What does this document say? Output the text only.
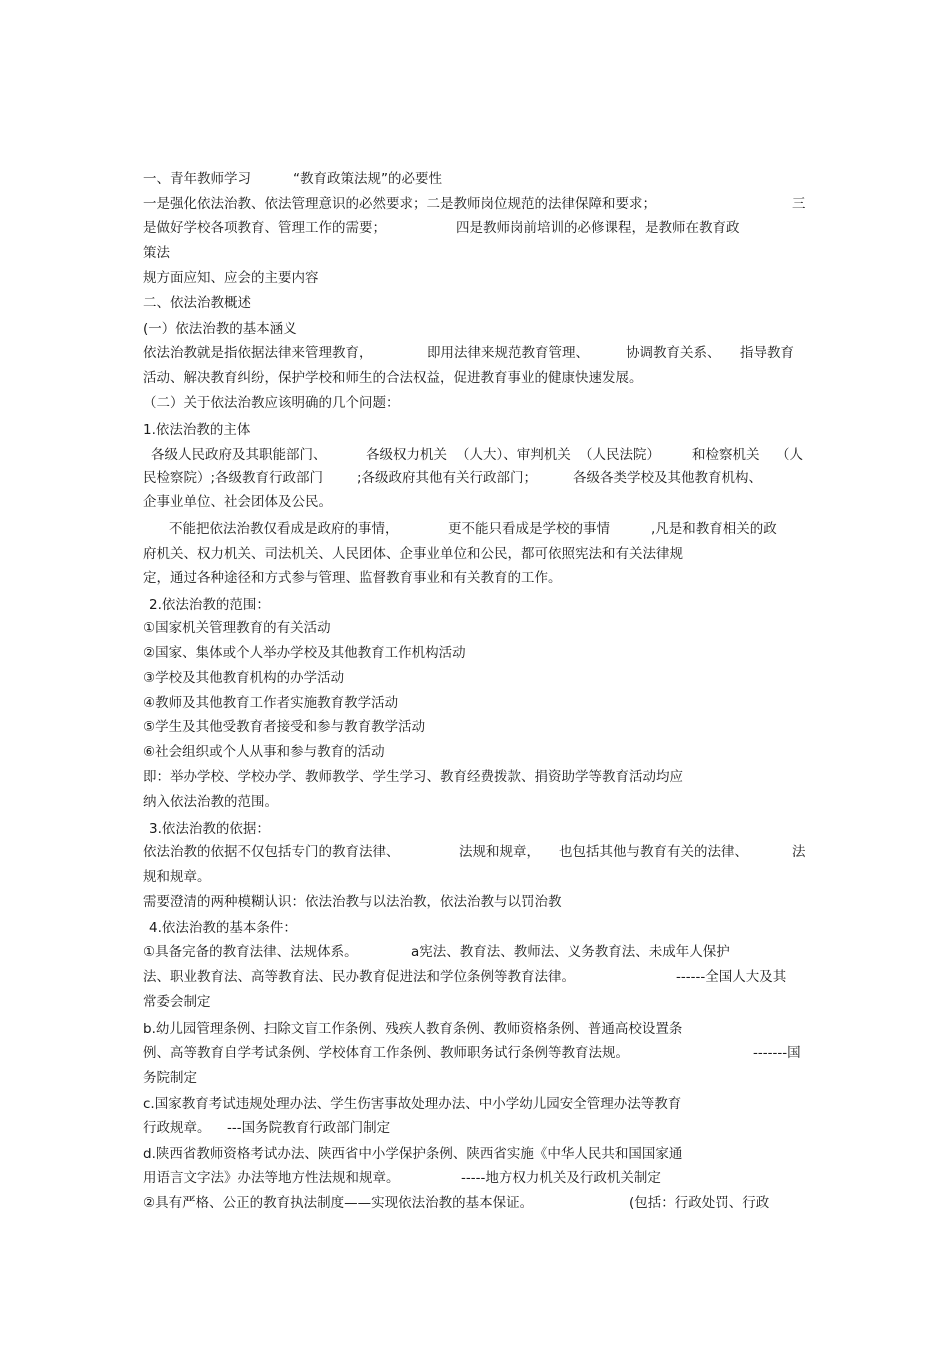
一、青年教师学习

	“教育政策法规”的必要性

一是强化依法治教、依法管理意识的必然要求；二是教师岗位规范的法律保障和要求；

	三

是做好学校各项教育、管理工作的需要；

	四是教师岗前培训的必修课程，是教师在教育政

策法

规方面应知、应会的主要内容

二、依法治教概述

(一）依法治教的基本涵义

依法治教就是指依据法律来管理教育，

	即用法律来规范教育管理、

	协调教育关系、

指导教育

活动、解决教育纠纷，保护学校和师生的合法权益，促进教育事业的健康快速发展。

（二）关于依法治教应该明确的几个问题：

1.依法治教的主体

各级人民政府及其职能部门、

	各级权力机关

（人大）、审判机关

（人民法院）

和检察机关

（人

民检察院）;各级教育行政部门

	;各级政府其他有关行政部门；

	各级各类学校及其他教育机构、

企事业单位、社会团体及公民。

不能把依法治教仅看成是政府的事情，

	更不能只看成是学校的事情

	,凡是和教育相关的政

府机关、权力机关、司法机关、人民团体、企事业单位和公民，都可依照宪法和有关法律规

定，通过各种途径和方式参与管理、监督教育事业和有关教育的工作。

2.依法治教的范围：

①国家机关管理教育的有关活动

②国家、集体或个人举办学校及其他教育工作机构活动

③学校及其他教育机构的办学活动

④教师及其他教育工作者实施教育教学活动

⑤学生及其他受教育者接受和参与教育教学活动

⑥社会组织或个人从事和参与教育的活动

即：举办学校、学校办学、教师教学、学生学习、教育经费拨款、捐资助学等教育活动均应

纳入依法治教的范围。

3.依法治教的依据：

依法治教的依据不仅包括专门的教育法律、

	法规和规章，

也包括其他与教育有关的法律、

	法

规和规章。

需要澄清的两种模糊认识：依法治教与以法治教，依法治教与以罚治教

4.依法治教的基本条件：

①具备完备的教育法律、法规体系。

	a宪法、教育法、教师法、义务教育法、未成年人保护

法、职业教育法、高等教育法、民办教育促进法和学位条例等教育法律。

	------全国人大及其

常委会制定

b.幼儿园管理条例、扫除文盲工作条例、残疾人教育条例、教师资格条例、普通高校设置条

例、高等教育自学考试条例、学校体育工作条例、教师职务试行条例等教育法规。

	-------国

务院制定

c.国家教育考试违规处理办法、学生伤害事故处理办法、中小学幼儿园安全管理办法等教育

行政规章。

---国务院教育行政部门制定

d.陕西省教师资格考试办法、陕西省中小学保护条例、陕西省实施《中华人民共和国国家通

用语言文字法》办法等地方性法规和规章。

	-----地方权力机关及行政机关制定

②具有严格、公正的教育执法制度——实现依法治教的基本保证。

	(包括：行政处罚、行政
